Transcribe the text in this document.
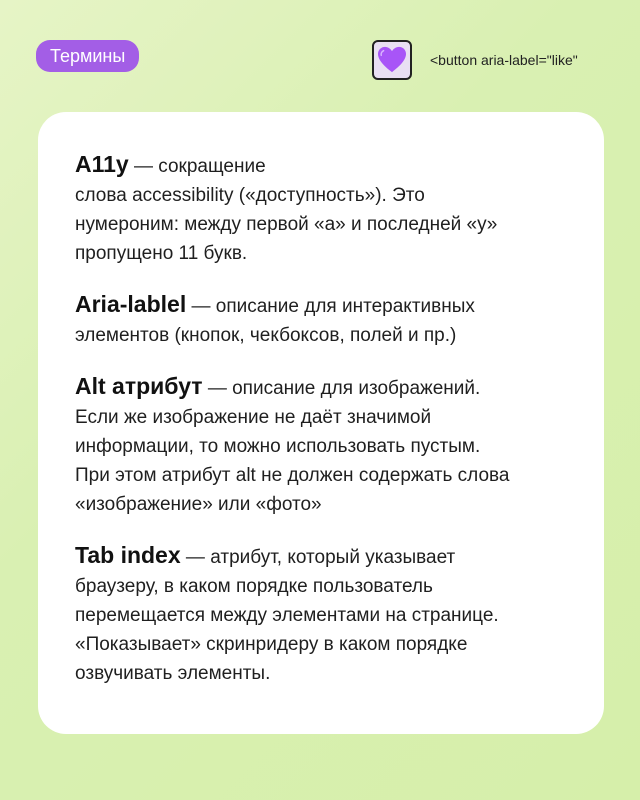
Термины	<button aria-label="like"

A11y — сокращение

слова accessibility («доступность»). Это

нумероним: между первой «а» и последней «у»

пропущено 11 букв.

Aria-lablel — описание для интерактивных

элементов (кнопок, чекбоксов, полей и пр.)

Alt атрибут — описание для изображений.

Если же изображение не даёт значимой

информации, то можно использовать пустым.

При этом атрибут alt не должен содержать слова

«изображение» или «фото»

Tab index — атрибут, который указывает

браузеру, в каком порядке пользователь

перемещается между элементами на странице.

«Показывает» скринридеру в каком порядке

озвучивать элементы.
